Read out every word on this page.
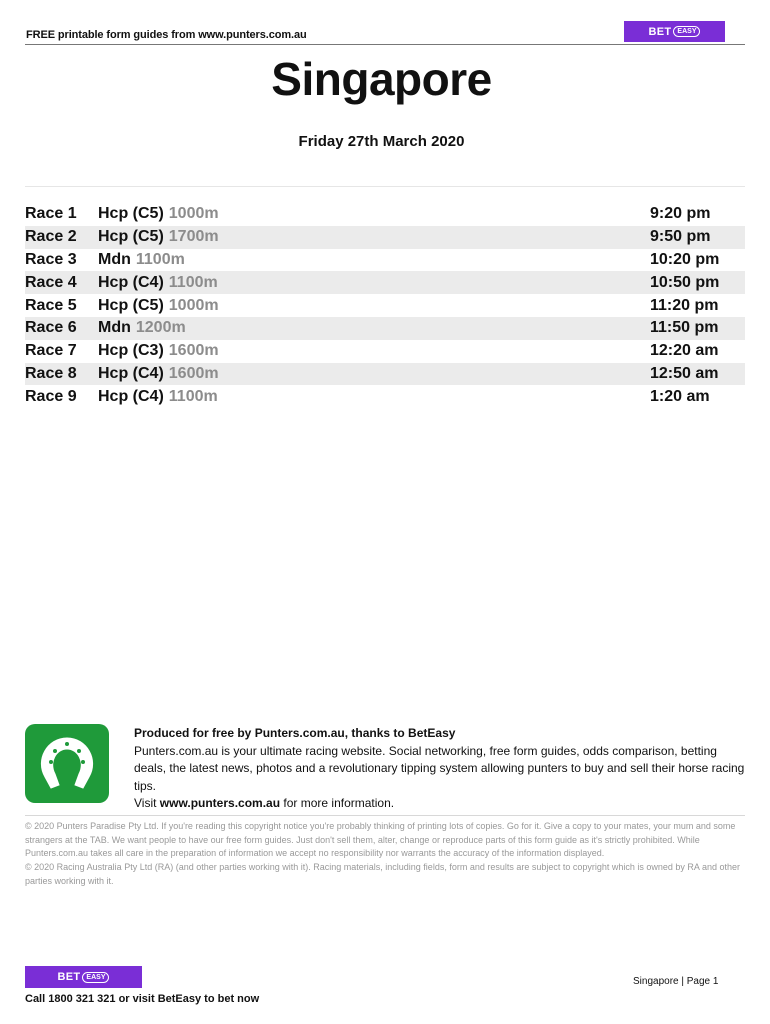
FREE printable form guides from www.punters.com.au	BET EASY
Singapore
Friday 27th March 2020
Race 1	Hcp (C5) 1000m	9:20 pm
Race 2	Hcp (C5) 1700m	9:50 pm
Race 3	Mdn 1100m	10:20 pm
Race 4	Hcp (C4) 1100m	10:50 pm
Race 5	Hcp (C5) 1000m	11:20 pm
Race 6	Mdn 1200m	11:50 pm
Race 7	Hcp (C3) 1600m	12:20 am
Race 8	Hcp (C4) 1600m	12:50 am
Race 9	Hcp (C4) 1100m	1:20 am
Produced for free by Punters.com.au, thanks to BetEasy
Punters.com.au is your ultimate racing website. Social networking, free form guides, odds comparison, betting deals, the latest news, photos and a revolutionary tipping system allowing punters to buy and sell their horse racing tips.
Visit www.punters.com.au for more information.
© 2020 Punters Paradise Pty Ltd. If you're reading this copyright notice you're probably thinking of printing lots of copies. Go for it. Give a copy to your mates, your mum and some strangers at the TAB. We want people to have our free form guides. Just don't sell them, alter, change or reproduce parts of this form guide as it's strictly prohibited. While Punters.com.au takes all care in the preparation of information we accept no responsibility nor warrants the accuracy of the information displayed.
© 2020 Racing Australia Pty Ltd (RA) (and other parties working with it). Racing materials, including fields, form and results are subject to copyright which is owned by RA and other parties working with it.
BET EASY	Singapore | Page 1
Call 1800 321 321 or visit BetEasy to bet now
